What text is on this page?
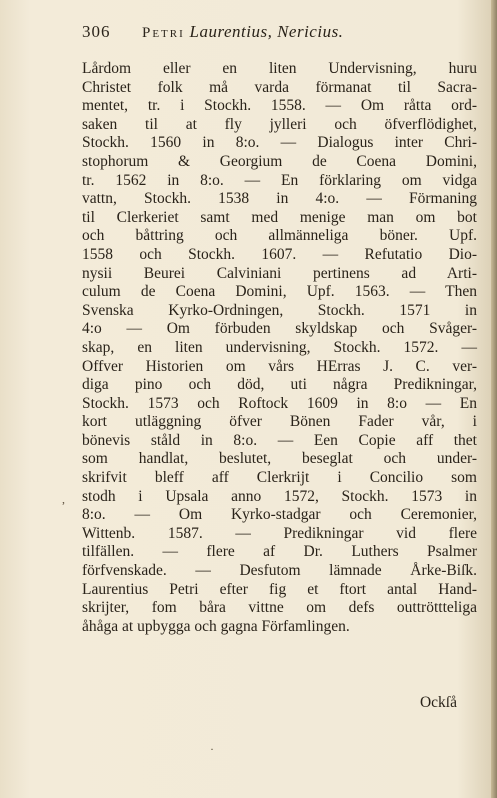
306 Petri Laurentius, Nericius.
Lårdom eller en liten Undervisning, huru
Christet folk må varda förmanat til Sacra-
mentet, tr. i Stockh. 1558. — Om råtta ord-
saken til at fly jylleri och öfverflödighet,
Stockh. 1560 in 8:o. — Dialogus inter Chri-
stophorum & Georgium de Coena Domini,
tr. 1562 in 8:o. — En förklaring om vidga
vattn, Stockh. 1538 in 4:o. — Förmaning
til Clerkeriet samt med menige man om bot
och båttring och allmänneliga böner. Upf.
1558 och Stockh. 1607. — Refutatio Dio-
nysii Beurei Calviniani pertinens ad Arti-
culum de Coena Domini, Upf. 1563. — Then
Svenska Kyrko-Ordningen, Stockh. 1571 in
4:o — Om förbuden skyldskap och Svåger-
skap, en liten undervisning, Stockh. 1572. —
Offver Historien om vårs HErras J. C. ver-
diga pino och död, uti några Predikningar,
Stockh. 1573 och Roftock 1609 in 8:o — En
kort utläggning öfver Bönen Fader vår, i
bönevis ståld in 8:o. — Een Copie aff thet
som handlat, beslutet, beseglat och under-
skrifvit bleff aff Clerkrijt i Concilio som
stodh i Upsala anno 1572, Stockh. 1573 in
8:o. — Om Kyrko-stadgar och Ceremonier,
Wittenb. 1587. — Predikningar vid flere
tilfällen. — flere af Dr. Luthers Psalmer
förfvenskade. — Desfutom lämnade Årke-Biſk.
Laurentius Petri efter fig et ftort antal Hand-
skrijter, fom båra vittne om defs outtröttteliga
åhåga at upbygga och gagna Förfamlingen.
Ockſå
,
·
